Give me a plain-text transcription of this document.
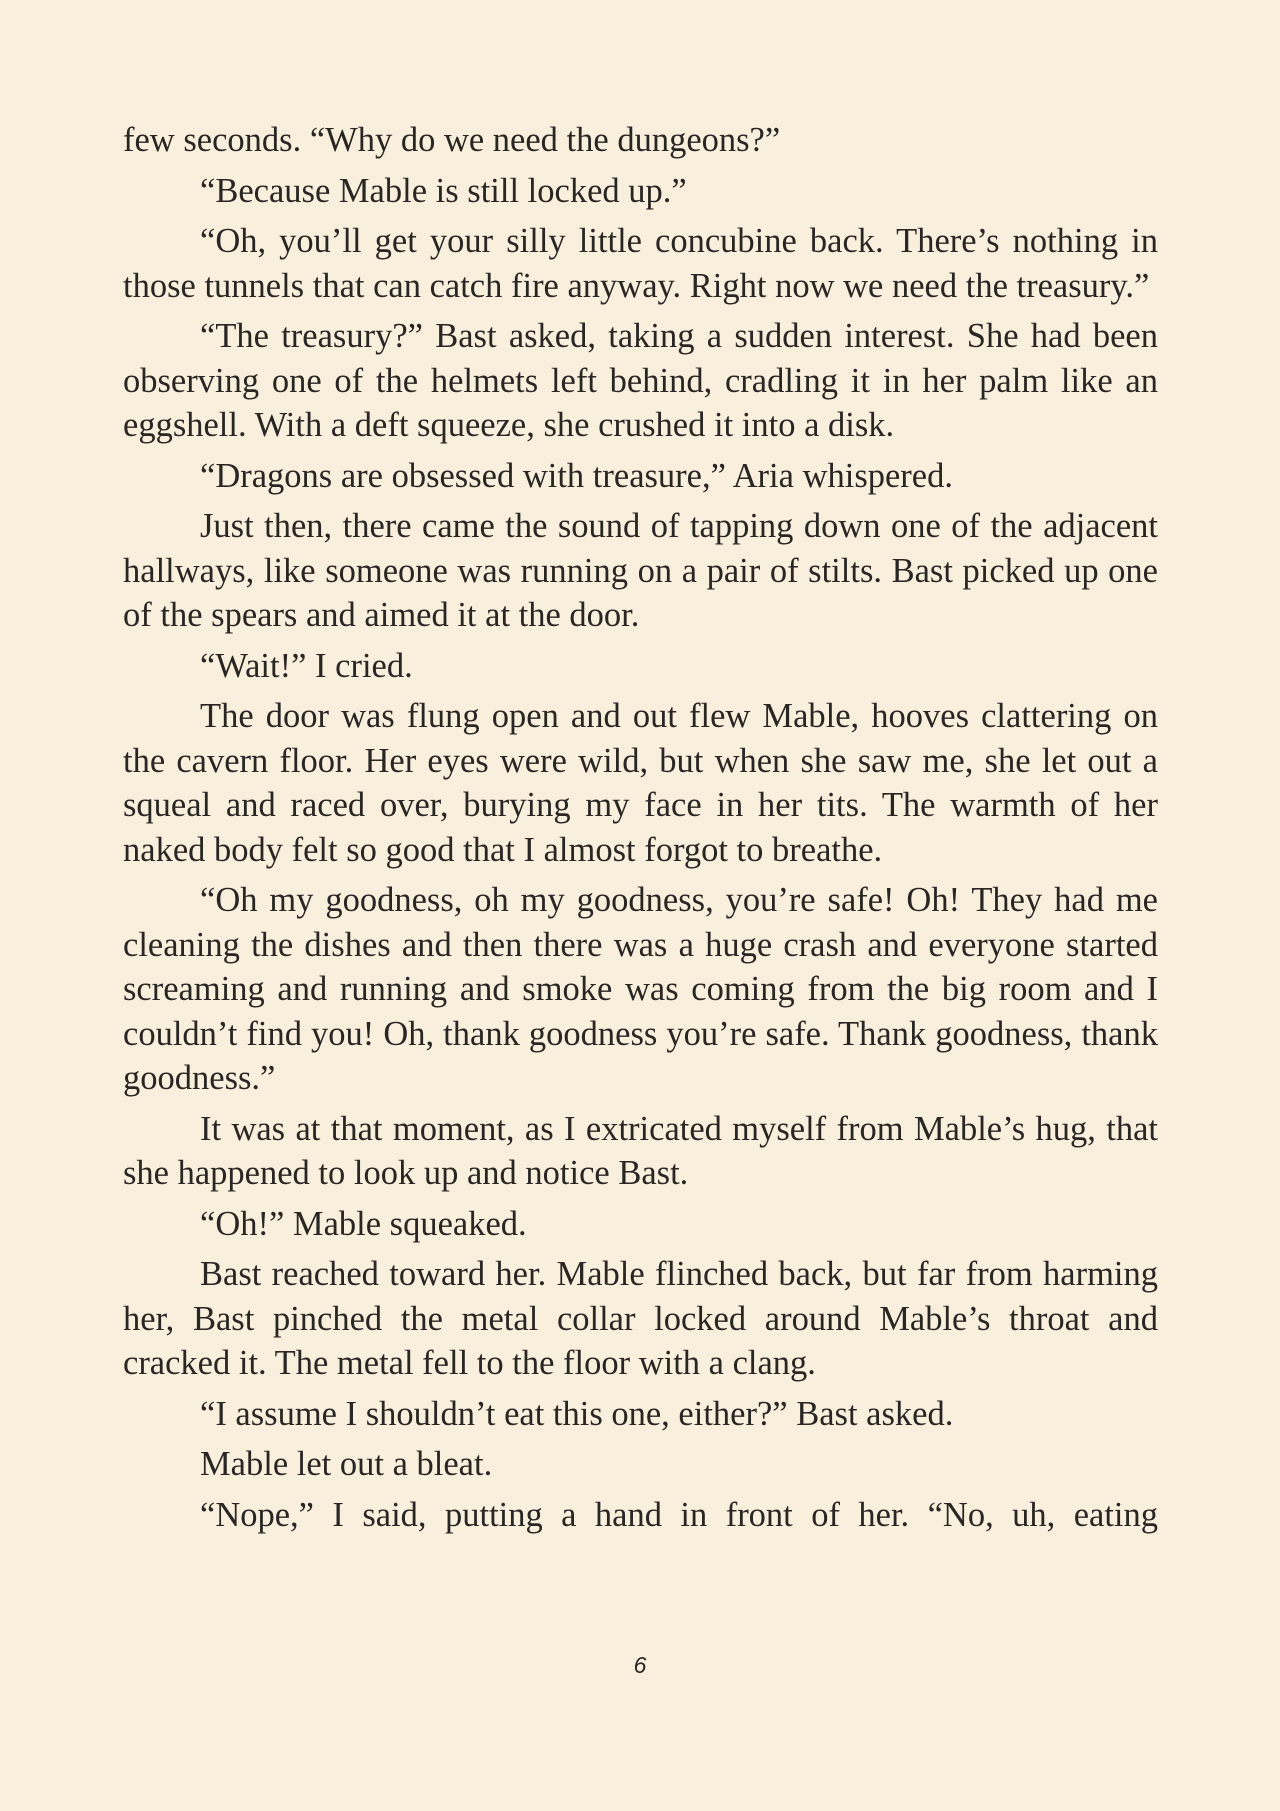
few seconds. “Why do we need the dungeons?”

“Because Mable is still locked up.”

“Oh, you’ll get your silly little concubine back. There’s nothing in those tunnels that can catch fire anyway. Right now we need the treasury.”

“The treasury?” Bast asked, taking a sudden interest. She had been observing one of the helmets left behind, cradling it in her palm like an eggshell. With a deft squeeze, she crushed it into a disk.

“Dragons are obsessed with treasure,” Aria whispered.

Just then, there came the sound of tapping down one of the adjacent hallways, like someone was running on a pair of stilts. Bast picked up one of the spears and aimed it at the door.

“Wait!” I cried.

The door was flung open and out flew Mable, hooves clattering on the cavern floor. Her eyes were wild, but when she saw me, she let out a squeal and raced over, burying my face in her tits. The warmth of her naked body felt so good that I almost forgot to breathe.

“Oh my goodness, oh my goodness, you’re safe! Oh! They had me cleaning the dishes and then there was a huge crash and everyone started screaming and running and smoke was coming from the big room and I couldn’t find you! Oh, thank goodness you’re safe. Thank goodness, thank goodness.”

It was at that moment, as I extricated myself from Mable’s hug, that she happened to look up and notice Bast.

“Oh!” Mable squeaked.

Bast reached toward her. Mable flinched back, but far from harming her, Bast pinched the metal collar locked around Mable’s throat and cracked it. The metal fell to the floor with a clang.

“I assume I shouldn’t eat this one, either?” Bast asked.

Mable let out a bleat.

“Nope,” I said, putting a hand in front of her. “No, uh, eating

6
